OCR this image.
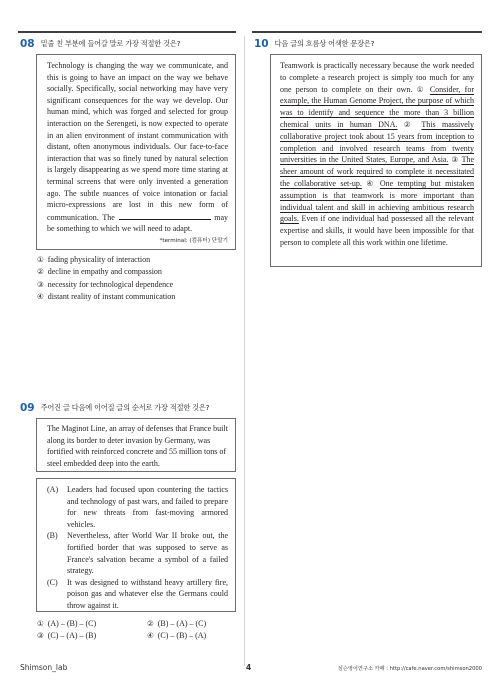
08 밑줄 친 부분에 들어갈 말로 가장 적절한 것은?

Technology is changing the way we communicate, and this is going to have an impact on the way we behave socially. Specifically, social networking may have very significant consequences for the way we develop. Our human mind, which was forged and selected for group interaction on the Serengeti, is now expected to operate in an alien environment of instant communication with distant, often anonymous individuals. Our face-to-face interaction that was so finely tuned by natural selection is largely disappearing as we spend more time staring at terminal screens that were only invented a generation ago. The subtle nuances of voice intonation or facial micro-expressions are lost in this new form of communication. The	may be something to which we will need to adapt.

*terminal: (컴퓨터) 단말기
① fading physicality of interaction
② decline in empathy and compassion
③ necessity for technological dependence
④ distant reality of instant communication
09 주어진 글 다음에 이어질 글의 순서로 가장 적절한 것은?

The Maginot Line, an array of defenses that France built along its border to deter invasion by Germany, was fortified with reinforced concrete and 55 million tons of steel embedded deep into the earth.

(A)	Leaders had focused upon countering the tactics and technology of past wars, and failed to prepare for new threats from fast-moving armored vehicles.
(B)	Nevertheless, after World War II broke out, the fortified border that was supposed to serve as France's salvation became a symbol of a failed strategy.
(C)	It was designed to withstand heavy artillery fire, poison gas and whatever else the Germans could throw against it.
① (A) – (B) – (C)	② (B) – (A) – (C)
③ (C) – (A) – (B)	④ (C) – (B) – (A)
10 다음 글의 흐름상 어색한 문장은?

Teamwork is practically necessary because the work needed to complete a research project is simply too much for any one person to complete on their own. ① Consider, for example, the Human Genome Project, the purpose of which was to identify and sequence the more than 3 billion chemical units in human DNA. ② This massively collaborative project took about 15 years from inception to completion and involved research teams from twenty universities in the United States, Europe, and Asia. ③ The sheer amount of work required to complete it necessitated the collaborative set-up. ④ One tempting but mistaken assumption is that teamwork is more important than individual talent and skill in achieving ambitious research goals. Even if one individual had possessed all the relevant expertise and skills, it would have been impossible for that person to complete all this work within one lifetime.

Shimson_lab	4	심슨영어연구소 카페 : http://cafe.naver.com/shimson2000
